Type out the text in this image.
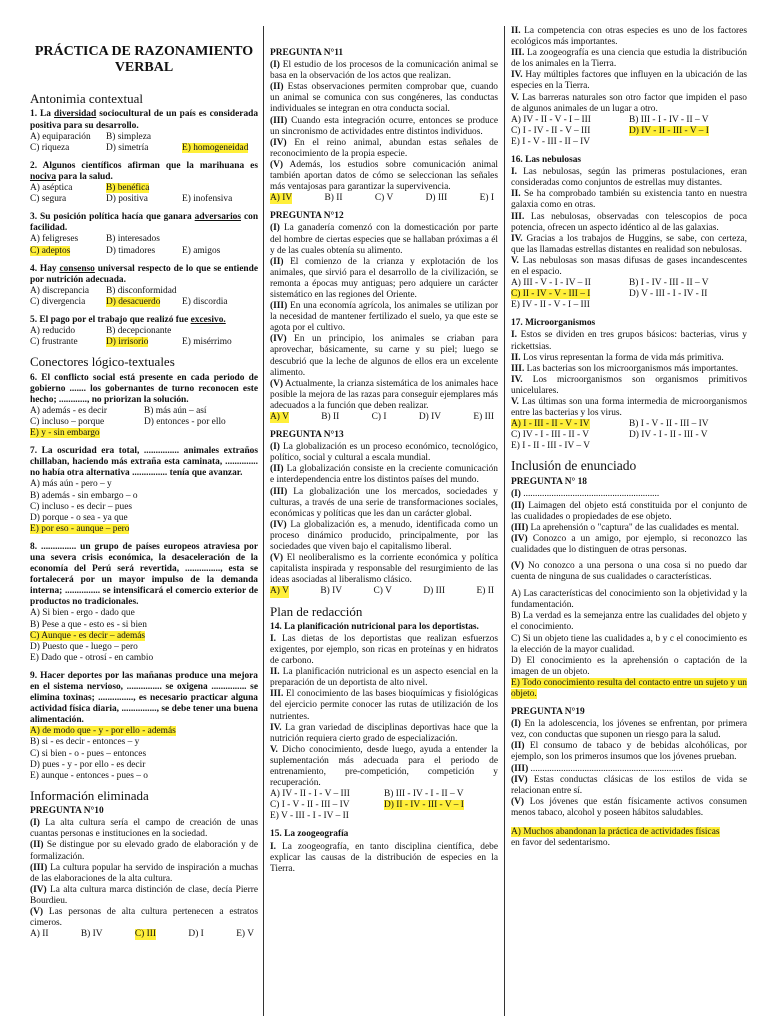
PRÁCTICA DE RAZONAMIENTO VERBAL
Antonimia contextual
1. La diversidad sociocultural de un país es considerada positiva para su desarrollo.
A) equiparación	B) simpleza
C) riqueza	D) simetría	E) homogeneidad
2. Algunos científicos afirman que la marihuana es nociva para la salud.
A) aséptica	B) benéfica
C) segura	D) positiva	E) inofensiva
3. Su posición política hacía que ganara adversarios con facilidad.
A) feligreses	B) interesados
C) adeptos	D) timadores	E) amigos
4. Hay consenso universal respecto de lo que se entiende por nutrición adecuada.
A) discrepancia	B) disconformidad
C) divergencia	D) desacuerdo	E) discordia
5. El pago por el trabajo que realizó fue excesivo.
A) reducido	B) decepcionante
C) frustrante	D) irrisorio	E) misérrimo
Conectores lógico-textuales
6. El conflicto social está presente en cada periodo de gobierno ....... los gobernantes de turno reconocen este hecho; ............, no priorizan la solución.
A) además - es decir	B) más aún – así
C) incluso – porque	D) entonces - por ello
E) y - sin embargo
7. La oscuridad era total, ............... animales extraños chillaban, haciendo más extraña esta caminata, .............. no había otra alternativa ............... tenía que avanzar.
A) más aún - pero – y
B) además - sin embargo – o
C) incluso - es decir – pues
D) porque - o sea - ya que
E) por eso - aunque – pero
8. ............... un grupo de países europeos atraviesa por una severa crisis económica, la desaceleración de la economía del Perú será revertida, ..............., esta se fortalecerá por un mayor impulso de la demanda interna; ............... se intensificará el comercio exterior de productos no tradicionales.
A) Si bien - ergo - dado que
B) Pese a que - esto es - si bien
C) Aunque - es decir – además
D) Puesto que - luego – pero
E) Dado que - otrosí - en cambio
9. Hacer deportes por las mañanas produce una mejora en el sistema nervioso, ............... se oxigena ............... se elimina toxinas; ..............., es necesario practicar alguna actividad física diaria, ..............., se debe tener una buena alimentación.
A) de modo que - y - por ello - además
B) si - es decir - entonces – y
C) si bien - o - pues – entonces
D) pues - y - por ello - es decir
E) aunque - entonces - pues – o
Información eliminada
PREGUNTA N°10
(I) La alta cultura sería el campo de creación de unas cuantas personas e instituciones en la sociedad.
(II) Se distingue por su elevado grado de elaboración y de formalización.
(III) La cultura popular ha servido de inspiración a muchas de las elaboraciones de la alta cultura.
(IV) La alta cultura marca distinción de clase, decía Pierre Bourdieu.
(V) Las personas de alta cultura pertenecen a estratos cimeros.
A) II	B) IV	C) III	D) I	E) V
PREGUNTA N°11
(I) El estudio de los procesos de la comunicación animal se basa en la observación de los actos que realizan.
(II) Estas observaciones permiten comprobar que, cuando un animal se comunica con sus congéneres, las conductas individuales se integran en otra conducta social.
(III) Cuando esta integración ocurre, entonces se produce un sincronismo de actividades entre distintos individuos.
(IV) En el reino animal, abundan estas señales de reconocimiento de la propia especie.
(V) Además, los estudios sobre comunicación animal también aportan datos de cómo se seleccionan las señales más ventajosas para garantizar la supervivencia.
A) IV	B) II	C) V	D) III	E) I
PREGUNTA N°12
(I) La ganadería comenzó con la domesticación por parte del hombre de ciertas especies que se hallaban próximas a él y de las cuales obtenía su alimento.
(II) El comienzo de la crianza y explotación de los animales, que sirvió para el desarrollo de la civilización, se remonta a épocas muy antiguas; pero adquiere un carácter sistemático en las regiones del Oriente.
(III) En una economía agrícola, los animales se utilizan por la necesidad de mantener fertilizado el suelo, ya que este se agota por el cultivo.
(IV) En un principio, los animales se criaban para aprovechar, básicamente, su carne y su piel; luego se descubrió que la leche de algunos de ellos era un excelente alimento.
(V) Actualmente, la crianza sistemática de los animales hace posible la mejora de las razas para conseguir ejemplares más adecuados a la función que deben realizar.
A) V	B) II	C) I	D) IV	E) III
PREGUNTA N°13
(I) La globalización es un proceso económico, tecnológico, político, social y cultural a escala mundial.
(II) La globalización consiste en la creciente comunicación e interdependencia entre los distintos países del mundo.
(III) La globalización une los mercados, sociedades y culturas, a través de una serie de transformaciones sociales, económicas y políticas que les dan un carácter global.
(IV) La globalización es, a menudo, identificada como un proceso dinámico producido, principalmente, por las sociedades que viven bajo el capitalismo liberal.
(V) El neoliberalismo es la corriente económica y política capitalista inspirada y responsable del resurgimiento de las ideas asociadas al liberalismo clásico.
A) V	B) IV	C) V	D) III	E) II
Plan de redacción
14. La planificación nutricional para los deportistas.
I. Las dietas de los deportistas que realizan esfuerzos exigentes, por ejemplo, son ricas en proteínas y en hidratos de carbono.
II. La planificación nutricional es un aspecto esencial en la preparación de un deportista de alto nivel.
III. El conocimiento de las bases bioquímicas y fisiológicas del ejercicio permite conocer las rutas de utilización de los nutrientes.
IV. La gran variedad de disciplinas deportivas hace que la nutrición requiera cierto grado de especialización.
V. Dicho conocimiento, desde luego, ayuda a entender la suplementación más adecuada para el periodo de entrenamiento, pre-competición, competición y recuperación.
A) IV - II - I - V – III	B) III - IV - I - II – V
C) I - V - II - III – IV	D) II - IV - III - V – I
E) V - III - I - IV – II
15. La zoogeografía
I. La zoogeografía, en tanto disciplina científica, debe explicar las causas de la distribución de especies en la Tierra.
II. La competencia con otras especies es uno de los factores ecológicos más importantes.
III. La zoogeografía es una ciencia que estudia la distribución de los animales en la Tierra.
IV. Hay múltiples factores que influyen en la ubicación de las especies en la Tierra.
V. Las barreras naturales son otro factor que impiden el paso de algunos animales de un lugar a otro.
A) IV - II - V - I – III	B) III - I - IV - II – V
C) I - IV - II - V – III	D) IV - II - III - V – I
E) I - V - III - II – IV
16. Las nebulosas
I. Las nebulosas, según las primeras postulaciones, eran consideradas como conjuntos de estrellas muy distantes.
II. Se ha comprobado también su existencia tanto en nuestra galaxia como en otras.
III. Las nebulosas, observadas con telescopios de poca potencia, ofrecen un aspecto idéntico al de las galaxias.
IV. Gracias a los trabajos de Huggins, se sabe, con certeza, que las llamadas estrellas distantes en realidad son nebulosas.
V. Las nebulosas son masas difusas de gases incandescentes en el espacio.
A) III - V - I - IV – II	B) I - IV - III - II – V
C) II - IV - V - III – I	D) V - III - I - IV - II
E) IV - II - V - I – III
17. Microorganismos
I. Estos se dividen en tres grupos básicos: bacterias, virus y rickettsias.
II. Los virus representan la forma de vida más primitiva.
III. Las bacterias son los microorganismos más importantes.
IV. Los microorganismos son organismos primitivos unicelulares.
V. Las últimas son una forma intermedia de microorganismos entre las bacterias y los virus.
A) I - III - II - V - IV	B) I - V - II - III – IV
C) IV - I - III - II - V	D) IV - I - II - III - V
E) I - II - III - IV – V
Inclusión de enunciado
PREGUNTA N° 18
(I) ..........................................................
(II) Laimagen del objeto está constituida por el conjunto de las cualidades o propiedades de ese objeto.
(III) La aprehensión o "captura" de las cualidades es mental.
(IV) Conozco a un amigo, por ejemplo, si reconozco las cualidades que lo distinguen de otras personas.
(V) No conozco a una persona o una cosa si no puedo dar cuenta de ninguna de sus cualidades o características.
A) Las características del conocimiento son la objetividad y la fundamentación.
B) La verdad es la semejanza entre las cualidades del objeto y el conocimiento.
C) Si un objeto tiene las cualidades a, b y c el conocimiento es la elección de la mayor cualidad.
D) El conocimiento es la aprehensión o captación de la imagen de un objeto.
E) Todo conocimiento resulta del contacto entre un sujeto y un objeto.
PREGUNTA N°19
(I) En la adolescencia, los jóvenes se enfrentan, por primera vez, con conductas que suponen un riesgo para la salud.
(II) El consumo de tabaco y de bebidas alcohólicas, por ejemplo, son los primeros insumos que los jóvenes prueban.
(III) .................................................................
(IV) Estas conductas clásicas de los estilos de vida se relacionan entre sí.
(V) Los jóvenes que están físicamente activos consumen menos tabaco, alcohol y poseen hábitos saludables.
A) Muchos abandonan la práctica de actividades físicas
en favor del sedentarismo.
